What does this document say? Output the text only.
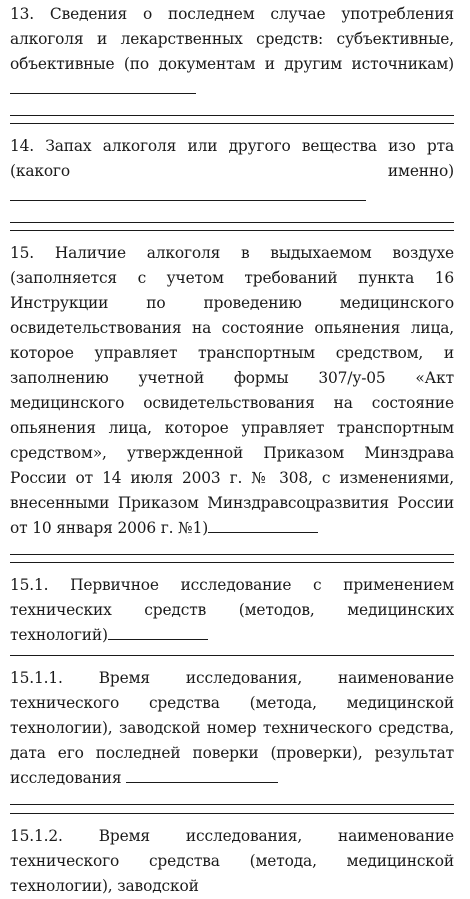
13. Сведения о последнем случае употребления алкоголя и лекарственных средств: субъективные, объективные (по документам и другим источникам)

14. Запах алкоголя или другого вещества изо рта (какого именно)

15. Наличие алкоголя в выдыхаемом воздухе (заполняется с учетом требований пункта 16 Инструкции по проведению медицинского освидетельствования на состояние опьянения лица, которое управляет транспортным средством, и заполнению учетной формы 307/у-05 «Акт медицинского освидетельствования на состояние опьянения лица, которое управляет транспортным средством», утвержденной Приказом Минздрава России от 14 июля 2003 г. № 308, с изменениями, внесенными Приказом Минздравсоцразвития России от 10 января 2006 г. №1)

15.1. Первичное исследование с применением технических средств (методов, медицинских технологий)

15.1.1. Время исследования, наименование технического средства (метода, медицинской технологии), заводской номер технического средства, дата его последней поверки (проверки), результат исследования

15.1.2. Время исследования, наименование технического средства (метода, медицинской технологии), заводской
